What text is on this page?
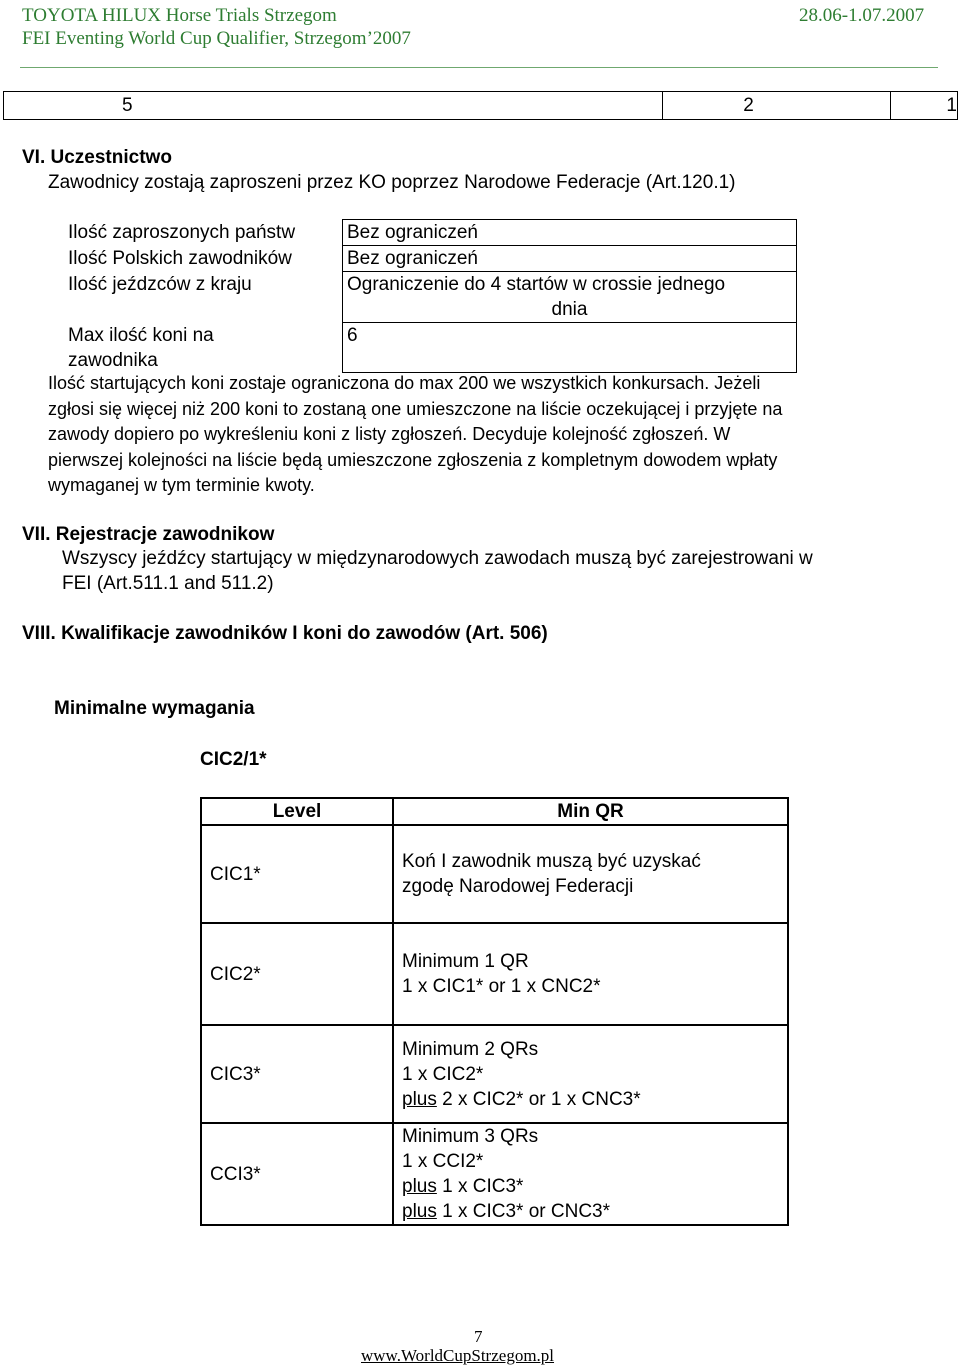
TOYOTA HILUX Horse Trials Strzegom
FEI Eventing World Cup Qualifier, Strzegom’2007
28.06-1.07.2007
5	2	1
VI. Uczestnictwo
Zawodnicy zostają zaproszeni przez KO poprzez Narodowe Federacje (Art.120.1)
Ilość zaproszonych państw	Bez ograniczeń
Ilość Polskich zawodników	Bez ograniczeń
Ilość jeźdzców z kraju	Ograniczenie do 4 startów w crossie jednego
dnia

Max ilość koni na
zawodnika	6
Ilość startujących koni zostaje ograniczona do max 200 we wszystkich konkursach. Jeżeli
zgłosi się więcej niż 200 koni to zostaną one umieszczone na liście oczekującej i przyjęte na
zawody dopiero po wykreśleniu koni z listy zgłoszeń. Decyduje kolejność zgłoszeń. W
pierwszej kolejności na liście będą umieszczone zgłoszenia z kompletnym dowodem wpłaty
wymaganej w tym terminie kwoty.
VII. Rejestracje zawodnikow
Wszyscy jeźdźcy startujący w międzynarodowych zawodach muszą być zarejestrowani w
FEI (Art.511.1 and 511.2)
VIII. Kwalifikacje zawodników I koni do zawodów (Art. 506)
Minimalne wymagania
CIC2/1*
Level	Min QR
CIC1*	Koń I zawodnik muszą być uzyskać
zgodę Narodowej Federacji

CIC2*	Minimum 1 QR
1 x CIC1* or 1 x CNC2*

CIC3*	Minimum 2 QRs
1 x CIC2*
plus 2 x CIC2* or 1 x CNC3*

CCI3*	Minimum 3 QRs
1 x CCI2*
plus 1 x CIC3*
plus 1 x CIC3* or CNC3*
7
www.WorldCupStrzegom.pl
